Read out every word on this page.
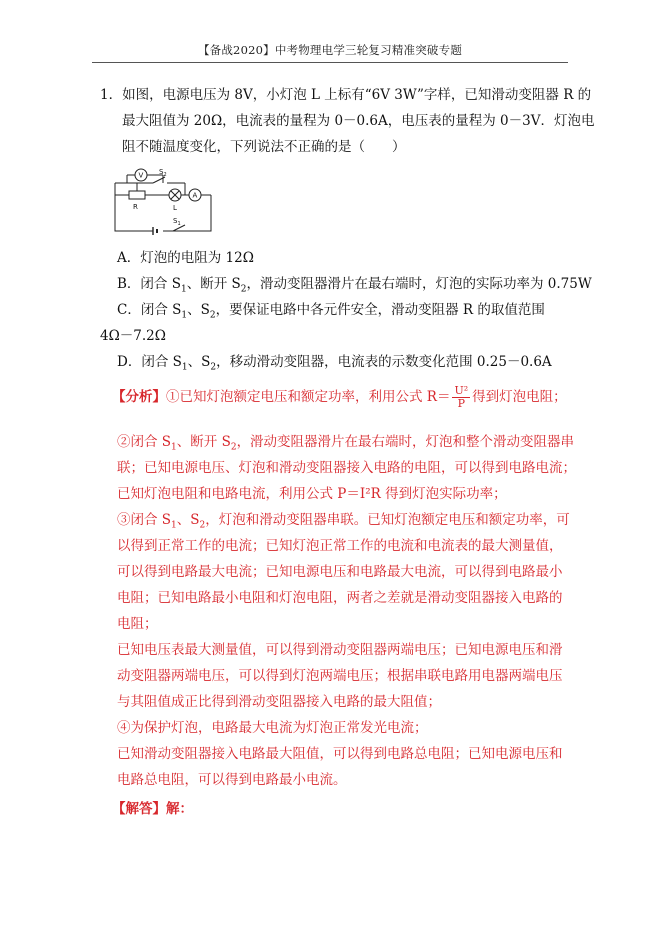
【备战2020】中考物理电学三轮复习精准突破专题
1．如图，电源电压为 8V，小灯泡 L 上标有“6V 3W”字样，已知滑动变阻器 R 的
最大阻值为 20Ω，电流表的量程为 0－0.6A，电压表的量程为 0－3V．灯泡电
阻不随温度变化，下列说法不正确的是（　　）
V
A
R	L
$S_2$
$S_1$
A．灯泡的电阻为 12Ω
B．闭合 $S_1$、断开 $S_2$，滑动变阻器滑片在最右端时，灯泡的实际功率为 0.75W
C．闭合 $S_1$、$S_2$，要保证电路中各元件安全，滑动变阻器 R 的取值范围
4Ω－7.2Ω
D．闭合 $S_1$、$S_2$，移动滑动变阻器，电流表的示数变化范围 0.25－0.6A
【分析】①已知灯泡额定电压和额定功率，利用公式 $R= \frac{\text{U²}}{P}$ 得到灯泡电阻；
②闭合 $S_1$、断开 $S_2$，滑动变阻器滑片在最右端时，灯泡和整个滑动变阻器串
联；已知电源电压、灯泡和滑动变阻器接入电路的电阻，可以得到电路电流；
已知灯泡电阻和电路电流，利用公式 P＝I²R 得到灯泡实际功率；
③闭合 $S_1$、$S_2$，灯泡和滑动变阻器串联。已知灯泡额定电压和额定功率，可
以得到正常工作的电流；已知灯泡正常工作的电流和电流表的最大测量值，
可以得到电路最大电流；已知电源电压和电路最大电流，可以得到电路最小
电阻；已知电路最小电阻和灯泡电阻，两者之差就是滑动变阻器接入电路的
电阻；
已知电压表最大测量值，可以得到滑动变阻器两端电压；已知电源电压和滑
动变阻器两端电压，可以得到灯泡两端电压；根据串联电路用电器两端电压
与其阻值成正比得到滑动变阻器接入电路的最大阻值；
④为保护灯泡，电路最大电流为灯泡正常发光电流；
已知滑动变阻器接入电路最大阻值，可以得到电路总电阻；已知电源电压和
电路总电阻，可以得到电路最小电流。
【解答】解：
